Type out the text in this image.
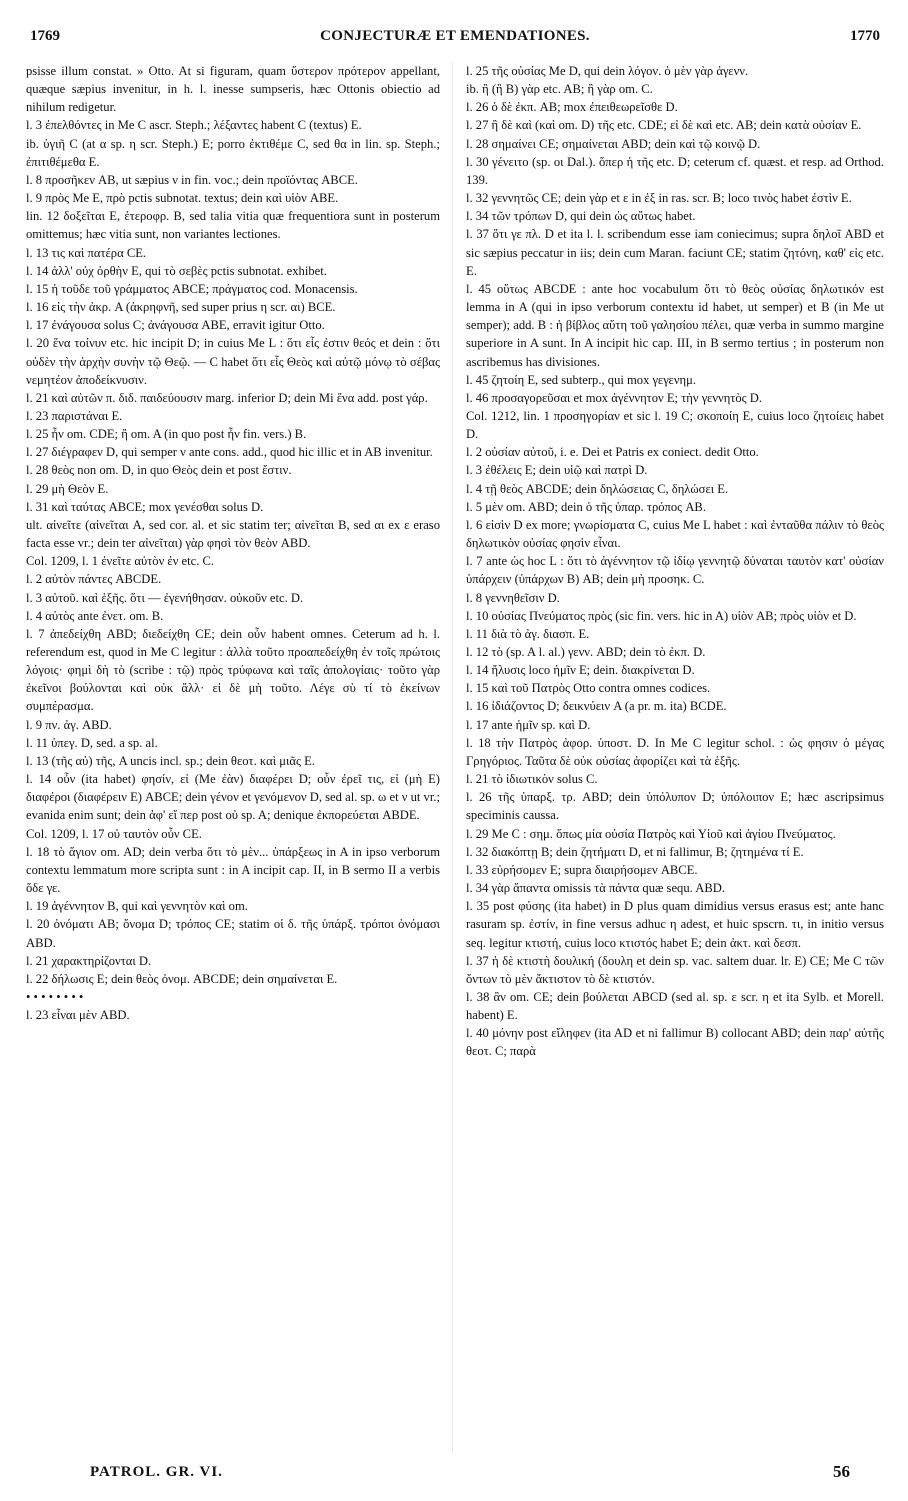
1769	CONJECTURÆ ET EMENDATIONES.	1770

psisse illum constat. » Otto. At si figuram, quam ὕστερον πρότερον appellant, quæque sæpius invenitur, in h. l. inesse sumpseris, hæc Ottonis obiectio ad nihilum redigetur.

l. 3 ἐπελθόντες in Me C ascr. Steph.; λέξαντες habent C (textus) E.

ib. ὑγιῆ C (at α sp. η scr. Steph.) E; porro ἐκτιθέμε C, sed θα in lin. sp. Steph.; ἐπιτιθέμεθα E.

l. 8 προσῆκεν AB, ut sæpius ν in fin. voc.; dein προϊόντας ABCE.

l. 9 πρὸς Me E, πρὸ pctis subnotat. textus; dein καὶ υἱὸν ABE.

lin. 12 δοξεῖται E, ἑτεροφρ. B, sed talia vitia quæ frequentiora sunt in posterum omittemus; hæc vitia sunt, non variantes lectiones.

l. 13 τις καὶ πατέρα CE.

l. 14 ἀλλ' οὐχ ὀρθὴν E, qui τὸ σεβὲς pctis subnotat. exhibet.

l. 15 ἡ τοῦδε τοῦ γράμματος ABCE; πράγματος cod. Monacensis.

l. 16 εἰς τὴν ἀκρ. A (ἀκρηφνῆ, sed super prius η scr. αι) BCE.

l. 17 ἐνάγουσα solus C; ἀνάγουσα ABE, erravit igitur Otto.

l. 20 ἕνα τοίνυν etc. hic incipit D; in cuius Me L : ὅτι εἷς ἐστιν θεός et dein : ὅτι οὐδὲν τὴν ἀρχὴν συνὴν τῷ Θεῷ. — C habet ὅτι εἷς Θεὸς καὶ αὐτῷ μόνῳ τὸ σέβας νεμητέον ἀποδείκνυσιν.

l. 21 καὶ αὐτῶν π. διδ. παιδεύουσιν marg. inferior D; dein Mi ἕνα add. post γάρ.

l. 23 παριστάναι E.

l. 25 ἦν om. CDE; ἢ om. A (in quo post ἦν fin. vers.) B.

l. 27 διέγραφεν D, qui semper ν ante cons. add., quod hic illic et in AB invenitur.

l. 28 θεὸς non om. D, in quo Θεὸς dein et post ἔστιν.

l. 29 μὴ Θεὸν E.

l. 31 καὶ ταύτας ABCE; mox γενέσθαι solus D.

ult. αἰνεῖτε (αἰνεῖται A, sed cor. al. et sic statim ter; αἰνεῖται B, sed αι ex ε eraso facta esse vr.; dein ter αἰνεῖται) γὰρ φησὶ τὸν θεὸν ABD.

Col. 1209, l. 1 ἐνεῖτε αὐτὸν ἐν etc. C.

l. 2 αὐτὸν πάντες ABCDE.

l. 3 αὐτοῦ. καὶ ἑξῆς. ὅτι — ἐγενήθησαν. οὐκοῦν etc. D.

l. 4 αὐτὸς ante ἐνετ. om. B.

l. 7 ἀπεδείχθη ABD; διεδείχθη CE; dein οὖν habent omnes. Ceterum ad h. l. referendum est, quod in Me C legitur : ἀλλὰ τοῦτο προαπεδείχθη ἐν τοῖς πρώτοις λόγοις· φημὶ δὴ τὸ (scribe : τῷ) πρὸς τρύφωνα καὶ ταῖς ἀπολογίαις· τοῦτο γὰρ ἐκεῖνοι βούλονται καὶ οὐκ ἄλλ· εἰ δὲ μὴ τοῦτο. Λέγε σὺ τί τὸ ἐκείνων συμπέρασμα.

l. 9 πν. ἀγ. ABD.

l. 11 ὑπεγ. D, sed. a sp. al.

l. 13 (τῆς αὐ) τῆς, A uncis incl. sp.; dein θεοτ. καὶ μιᾶς E.

l. 14 οὖν (ita habet) φησίν, εἰ (Me ἐὰν) διαφέρει D; οὖν ἐρεῖ τις, εἰ (μὴ E) διαφέροι (διαφέρειν E) ABCE; dein γένον et γενόμενον D, sed al. sp. ω et ν ut vr.; evanida enim sunt; dein ἀφ' εἴ περ post οὐ sp. A; denique ἐκπορεύεται ABDE.

Col. 1209, l. 17 οὐ ταυτὸν οὖν CE.

l. 18 τὸ ἅγιον om. AD; dein verba ὅτι τὸ μὲν... ὑπάρξεως in A in ipso verborum contextu lemmatum more scripta sunt : in A incipit cap. II, in B sermo II a verbis ὅδε γε.

l. 19 ἀγέννητον B, qui καὶ γεννητὸν καὶ om.

l. 20 ὀνόματι AB; ὄνομα D; τρόπος CE; statim οἱ δ. τῆς ὑπάρξ. τρόποι ὀνόμασι ABD.

l. 21 χαρακτηρίζονται D.

l. 22 δήλωσις E; dein θεὸς ὀνομ. ABCDE; dein σημαίνεται E.

• • • • • • • •

l. 23 εἶναι μὲν ABD.

l. 25 τῆς οὐσίας Me D, qui dein λόγον. ὁ μὲν γὰρ ἀγενν.

ib. ἢ (ἢ B) γὰρ etc. AB; ἢ γὰρ om. C.

l. 26 ὁ δὲ ἐκπ. AB; mox ἐπειθεωρεῖσθε D.

l. 27 ἢ δὲ καὶ (καὶ om. D) τῆς etc. CDE; εἰ δὲ καὶ etc. AB; dein κατὰ οὐσίαν E.

l. 28 σημαίνει CE; σημαίνεται ABD; dein καὶ τῷ κοινῷ D.

l. 30 γένειτο (sp. οι Dal.). ὅπερ ἡ τῆς etc. D; ceterum cf. quæst. et resp. ad Orthod. 139.

l. 32 γεννητῶς CE; dein γὰρ et ε in ἐξ in ras. scr. B; loco τινὸς habet ἐστὶν E.

l. 34 τῶν τρόπων D, qui dein ὡς αὔτως habet.

l. 37 ὅτι γε πλ. D et ita l. l. scribendum esse iam coniecimus; supra δηλοῖ ABD et sic sæpius peccatur in iis; dein cum Maran. faciunt CE; statim ζητόνη, καθ' εἰς etc. E.

l. 45 οὕτως ABCDE : ante hoc vocabulum ὅτι τὸ θεὸς οὐσίας δηλωτικόν est lemma in A (qui in ipso verborum contextu id habet, ut semper) et B (in Me ut semper); add. B : ἡ βίβλος αὕτη τοῦ γαλησίου πέλει, quæ verba in summo margine superiore in A sunt. In A incipit hic cap. III, in B sermo tertius ; in posterum non ascribemus has divisiones.

l. 45 ζητοίη E, sed subterp., qui mox γεγενημ.

l. 46 προσαγορεῦσαι et mox ἀγέννητον E; τὴν γεννητὸς D.

Col. 1212, lin. 1 προσηγορίαν et sic l. 19 C; σκοποίη E, cuius loco ζητοίεις habet D.

l. 2 οὐσίαν αὐτοῦ, i. e. Dei et Patris ex coniect. dedit Otto.

l. 3 ἐθέλεις E; dein υἱῷ καὶ πατρὶ D.

l. 4 τῇ θεὸς ABCDE; dein δηλώσειας C, δηλώσει E.

l. 5 μὲν om. ABD; dein ὁ τῆς ὑπαρ. τρόπος AB.

l. 6 εἰσὶν D ex more; γνωρίσματα C, cuius Me L habet : καὶ ἐνταῦθα πάλιν τὸ θεὸς δηλωτικὸν οὐσίας φησὶν εἶναι.

l. 7 ante ὡς hoc L : ὅτι τὸ ἀγέννητον τῷ ἰδίῳ γεννητῷ δύναται ταυτὸν κατ' οὐσίαν ὑπάρχειν (ὑπάρχων B) AB; dein μὴ προσηκ. C.

l. 8 γεννηθεῖσιν D.

l. 10 οὐσίας Πνεύματος πρὸς (sic fin. vers. hic in A) υἱὸν AB; πρὸς υἱὸν et D.

l. 11 διὰ τὸ ἀγ. διασπ. E.

l. 12 τὸ (sp. A l. al.) γενν. ABD; dein τὸ ἐκπ. D.

l. 14 ἤλυσις loco ἡμῖν E; dein. διακρίνεται D.

l. 15 καὶ τοῦ Πατρὸς Otto contra omnes codices.

l. 16 ἰδιάζοντος D; δεικνύειν A (a pr. m. ita) BCDE.

l. 17 ante ἡμῖν sp. καὶ D.

l. 18 τὴν Πατρὸς ἀφορ. ὑποστ. D. In Me C legitur schol. : ὡς φησιν ὁ μέγας Γρηγόριος. Ταῦτα δὲ οὐκ οὐσίας ἀφορίζει καὶ τὰ ἑξῆς.

l. 21 τὸ ἰδιωτικὸν solus C.

l. 26 τῆς ὑπαρξ. τρ. ABD; dein ὑπόλυπον D; ὑπόλοιπον E; hæc ascripsimus speciminis caussa.

l. 29 Me C : σημ. ὅπως μία οὐσία Πατρὸς καὶ Υἱοῦ καὶ ἁγίου Πνεύματος.

l. 32 διακόπτῃ B; dein ζητήματι D, et ni fallimur, B; ζητημένα τί E.

l. 33 εὑρήσομεν E; supra διαιρήσομεν ABCE.

l. 34 γὰρ ἅπαντα omissis τὰ πάντα quæ sequ. ABD.

l. 35 post φύσης (ita habet) in D plus quam dimidius versus erasus est; ante hanc rasuram sp. ἐστίν, in fine versus adhuc η adest, et huic spscrn. τι, in initio versus seq. legitur κτιστή, cuius loco κτιστός habet E; dein ἀκτ. καὶ δεσπ.

l. 37 ἡ δὲ κτιστὴ δουλική (δουλη et dein sp. vac. saltem duar. lr. E) CE; Me C τῶν ὄντων τὸ μὲν ἄκτιστον τὸ δὲ κτιστόν.

l. 38 ἂν om. CE; dein βούλεται ABCD (sed al. sp. ε scr. η et ita Sylb. et Morell. habent) E.

l. 40 μόνην post εἴληφεν (ita AD et ni fallimur B) collocant ABD; dein παρ' αὐτῆς θεοτ. C; παρὰ

PATROL. GR. VI.	56
